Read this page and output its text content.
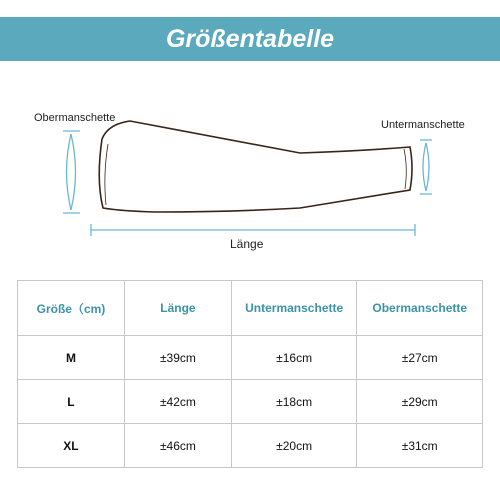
Größentabelle
Obermanschette
Untermanschette
Länge
Größe（cm)	Länge	Untermanschette	Obermanschette
M	±39cm	±16cm	±27cm
L	±42cm	±18cm	±29cm
XL	±46cm	±20cm	±31cm
